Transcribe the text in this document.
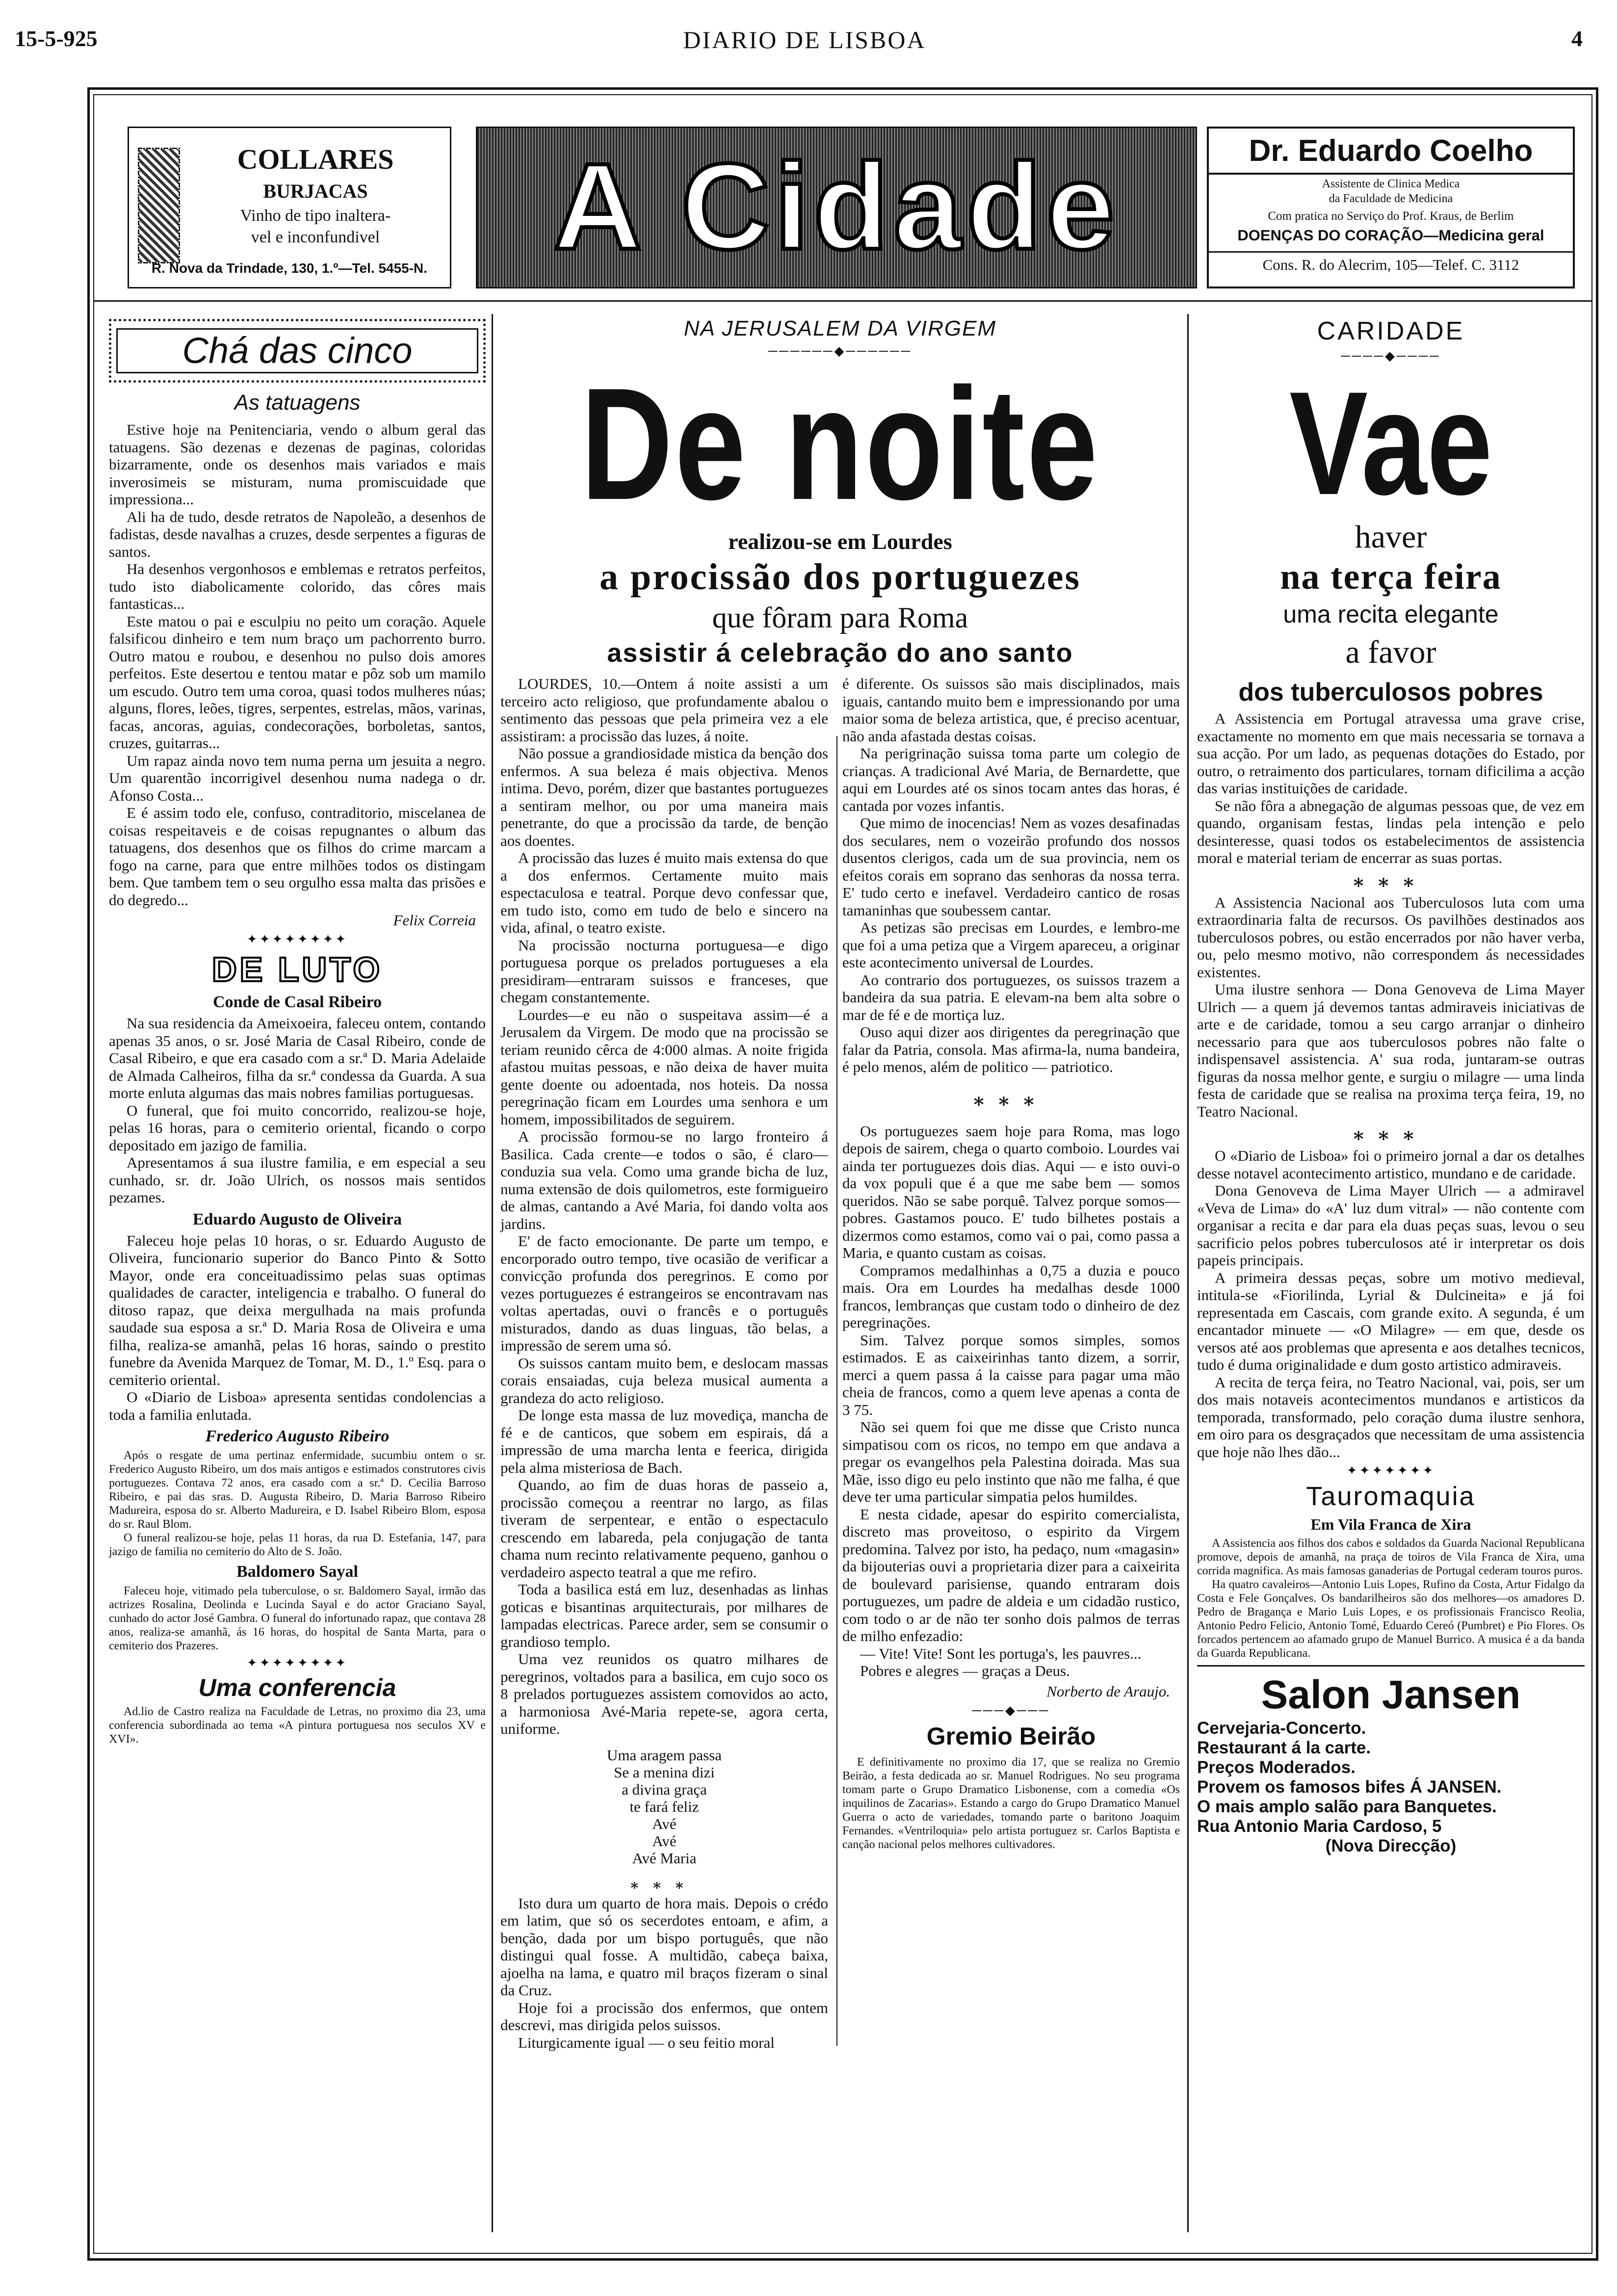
15-5-925	DIARIO DE LISBOA	4
COLLARES
BURJACAS
Vinho de tipo inaltera-
vel e inconfundivel
R. Nova da Trindade, 130, 1.º—Tel. 5455-N.	A Cidade	Dr. Eduardo Coelho
Assistente de Clinica Medica
da Faculdade de Medicina
Com pratica no Serviço do Prof. Kraus, de Berlim
DOENÇAS DO CORAÇÃO—Medicina geral
Cons. R. do Alecrim, 105—Telef. C. 3112
Chá das cinco
As tatuagens

Estive hoje na Penitenciaria, vendo o album geral das tatuagens. São dezenas e dezenas de paginas, coloridas bizarramente, onde os desenhos mais variados e mais inverosimeis se misturam, numa promiscuidade que impressiona...

Ali ha de tudo, desde retratos de Napoleão, a desenhos de fadistas, desde navalhas a cruzes, desde serpentes a figuras de santos.

Ha desenhos vergonhosos e emblemas e retratos perfeitos, tudo isto diabolicamente colorido, das côres mais fantasticas...

Este matou o pai e esculpiu no peito um coração. Aquele falsificou dinheiro e tem num braço um pachorrento burro. Outro matou e roubou, e desenhou no pulso dois amores perfeitos. Este desertou e tentou matar e pôz sob um mamilo um escudo. Outro tem uma coroa, quasi todos mulheres núas; alguns, flores, leões, tigres, serpentes, estrelas, mãos, varinas, facas, ancoras, aguias, condecorações, borboletas, santos, cruzes, guitarras...

Um rapaz ainda novo tem numa perna um jesuita a negro. Um quarentão incorrigivel desenhou numa nadega o dr. Afonso Costa...

E é assim todo ele, confuso, contraditorio, miscelanea de coisas respeitaveis e de coisas repugnantes o album das tatuagens, dos desenhos que os filhos do crime marcam a fogo na carne, para que entre milhões todos os distingam bem. Que tambem tem o seu orgulho essa malta das prisões e do degredo...

Felix Correia
✦✦✦✦✦✦✦✦
DE LUTO
Conde de Casal Ribeiro

Na sua residencia da Ameixoeira, faleceu ontem, contando apenas 35 anos, o sr. José Maria de Casal Ribeiro, conde de Casal Ribeiro, e que era casado com a sr.ª D. Maria Adelaide de Almada Calheiros, filha da sr.ª condessa da Guarda. A sua morte enluta algumas das mais nobres familias portuguesas.

O funeral, que foi muito concorrido, realizou-se hoje, pelas 16 horas, para o cemiterio oriental, ficando o corpo depositado em jazigo de familia.

Apresentamos á sua ilustre familia, e em especial a seu cunhado, sr. dr. João Ulrich, os nossos mais sentidos pezames.

Eduardo Augusto de Oliveira

Faleceu hoje pelas 10 horas, o sr. Eduardo Augusto de Oliveira, funcionario superior do Banco Pinto & Sotto Mayor, onde era conceituadissimo pelas suas optimas qualidades de caracter, inteligencia e trabalho. O funeral do ditoso rapaz, que deixa mergulhada na mais profunda saudade sua esposa a sr.ª D. Maria Rosa de Oliveira e uma filha, realiza-se amanhã, pelas 16 horas, saindo o prestito funebre da Avenida Marquez de Tomar, M. D., 1.º Esq. para o cemiterio oriental.

O «Diario de Lisboa» apresenta sentidas condolencias a toda a familia enlutada.

Frederico Augusto Ribeiro

Após o resgate de uma pertinaz enfermidade, sucumbiu ontem o sr. Frederico Augusto Ribeiro, um dos mais antigos e estimados construtores civis portuguezes. Contava 72 anos, era casado com a sr.ª D. Cecilia Barroso Ribeiro, e pai das sras. D. Augusta Ribeiro, D. Maria Barroso Ribeiro Madureira, esposa do sr. Alberto Madureira, e D. Isabel Ribeiro Blom, esposa do sr. Raul Blom.

O funeral realizou-se hoje, pelas 11 horas, da rua D. Estefania, 147, para jazigo de familia no cemiterio do Alto de S. João.

Baldomero Sayal

Faleceu hoje, vitimado pela tuberculose, o sr. Baldomero Sayal, irmão das actrizes Rosalina, Deolinda e Lucinda Sayal e do actor Graciano Sayal, cunhado do actor José Gambra. O funeral do infortunado rapaz, que contava 28 anos, realiza-se amanhã, ás 16 horas, do hospital de Santa Marta, para o cemiterio dos Prazeres.

✦✦✦✦✦✦✦✦
Uma conferencia

Ad.lio de Castro realiza na Faculdade de Letras, no proximo dia 23, uma conferencia subordinada ao tema «A pintura portuguesa nos seculos XV e XVI».

NA JERUSALEM DA VIRGEM
──────◆──────
De noite
realizou-se em Lourdes
a procissão dos portuguezes
que fôram para Roma
assistir á celebração do ano santo

LOURDES, 10.—Ontem á noite assisti a um terceiro acto religioso, que profundamente abalou o sentimento das pessoas que pela primeira vez a ele assistiram: a procissão das luzes, á noite.

Não possue a grandiosidade mistica da benção dos enfermos. A sua beleza é mais objectiva. Menos intima. Devo, porém, dizer que bastantes portuguezes a sentiram melhor, ou por uma maneira mais penetrante, do que a procissão da tarde, de benção aos doentes.

A procissão das luzes é muito mais extensa do que a dos enfermos. Certamente muito mais espectaculosa e teatral. Porque devo confessar que, em tudo isto, como em tudo de belo e sincero na vida, afinal, o teatro existe.

Na procissão nocturna portuguesa—e digo portuguesa porque os prelados portugueses a ela presidiram—entraram suissos e franceses, que chegam constantemente.

Lourdes—e eu não o suspeitava assim—é a Jerusalem da Virgem. De modo que na procissão se teriam reunido cêrca de 4:000 almas. A noite frigida afastou muitas pessoas, e não deixa de haver muita gente doente ou adoentada, nos hoteis. Da nossa peregrinação ficam em Lourdes uma senhora e um homem, impossibilitados de seguirem.

A procissão formou-se no largo fronteiro á Basilica. Cada crente—e todos o são, é claro—conduzia sua vela. Como uma grande bicha de luz, numa extensão de dois quilometros, este formigueiro de almas, cantando a Avé Maria, foi dando volta aos jardins.

E' de facto emocionante. De parte um tempo, e encorporado outro tempo, tive ocasião de verificar a convicção profunda dos peregrinos. E como por vezes portuguezes é estrangeiros se encontravam nas voltas apertadas, ouvi o francês e o português misturados, dando as duas linguas, tão belas, a impressão de serem uma só.

Os suissos cantam muito bem, e deslocam massas corais ensaiadas, cuja beleza musical aumenta a grandeza do acto religioso.

De longe esta massa de luz movediça, mancha de fé e de canticos, que sobem em espirais, dá a impressão de uma marcha lenta e feerica, dirigida pela alma misteriosa de Bach.

Quando, ao fim de duas horas de passeio a, procissão começou a reentrar no largo, as filas tiveram de serpentear, e então o espectaculo crescendo em labareda, pela conjugação de tanta chama num recinto relativamente pequeno, ganhou o verdadeiro aspecto teatral a que me refiro.

Toda a basilica está em luz, desenhadas as linhas goticas e bisantinas arquitecturais, por milhares de lampadas electricas. Parece arder, sem se consumir o grandioso templo.

Uma vez reunidos os quatro milhares de peregrinos, voltados para a basilica, em cujo soco os 8 prelados portuguezes assistem comovidos ao acto, a harmoniosa Avé-Maria repete-se, agora certa, uniforme.

Uma aragem passa
Se a menina dizi
a divina graça
te fará feliz
Avé
Avé
Avé Maria
⁎⁎⁎

Isto dura um quarto de hora mais. Depois o crédo em latim, que só os secerdotes entoam, e afim, a benção, dada por um bispo português, que não distingui qual fosse. A multidão, cabeça baixa, ajoelha na lama, e quatro mil braços fizeram o sinal da Cruz.

Hoje foi a procissão dos enfermos, que ontem descrevi, mas dirigida pelos suissos.

Liturgicamente igual — o seu feitio moral

é diferente. Os suissos são mais disciplinados, mais iguais, cantando muito bem e impressionando por uma maior soma de beleza artistica, que, é preciso acentuar, não anda afastada destas coisas.

Na perigrinação suissa toma parte um colegio de crianças. A tradicional Avé Maria, de Bernardette, que aqui em Lourdes até os sinos tocam antes das horas, é cantada por vozes infantis.

Que mimo de inocencias! Nem as vozes desafinadas dos seculares, nem o vozeirão profundo dos nossos dusentos clerigos, cada um de sua provincia, nem os efeitos corais em soprano das senhoras da nossa terra. E' tudo certo e inefavel. Verdadeiro cantico de rosas tamaninhas que soubessem cantar.

As petizas são precisas em Lourdes, e lembro-me que foi a uma petiza que a Virgem apareceu, a originar este acontecimento universal de Lourdes.

Ao contrario dos portuguezes, os suissos trazem a bandeira da sua patria. E elevam-na bem alta sobre o mar de fé e de mortiça luz.

Ouso aqui dizer aos dirigentes da peregrinação que falar da Patria, consola. Mas afirma-la, numa bandeira, é pelo menos, além de politico — patriotico.

⁎⁎⁎

Os portuguezes saem hoje para Roma, mas logo depois de sairem, chega o quarto comboio. Lourdes vai ainda ter portuguezes dois dias. Aqui — e isto ouvi-o da vox populi que é a que me sabe bem — somos queridos. Não se sabe porquê. Talvez porque somos—pobres. Gastamos pouco. E' tudo bilhetes postais a dizermos como estamos, como vai o pai, como passa a Maria, e quanto custam as coisas.

Compramos medalhinhas a 0,75 a duzia e pouco mais. Ora em Lourdes ha medalhas desde 1000 francos, lembranças que custam todo o dinheiro de dez peregrinações.

Sim. Talvez porque somos simples, somos estimados. E as caixeirinhas tanto dizem, a sorrir, merci a quem passa á la caisse para pagar uma mão cheia de francos, como a quem leve apenas a conta de 3 75.

Não sei quem foi que me disse que Cristo nunca simpatisou com os ricos, no tempo em que andava a pregar os evangelhos pela Palestina doirada. Mas sua Mãe, isso digo eu pelo instinto que não me falha, é que deve ter uma particular simpatia pelos humildes.

E nesta cidade, apesar do espirito comercialista, discreto mas proveitoso, o espirito da Virgem predomina. Talvez por isto, ha pedaço, num «magasin» da bijouterias ouvi a proprietaria dizer para a caixeirita de boulevard parisiense, quando entraram dois portuguezes, um padre de aldeia e um cidadão rustico, com todo o ar de não ter sonho dois palmos de terras de milho enfezadio:

— Vite! Vite! Sont les portuga's, les pauvres...

Pobres e alegres — graças a Deus.

Norberto de Araujo.
───◆───
Gremio Beirão

E definitivamente no proximo dia 17, que se realiza no Gremio Beirão, a festa dedicada ao sr. Manuel Rodrigues. No seu programa tomam parte o Grupo Dramatico Lisbonense, com a comedia «Os inquilinos de Zacarias». Estando a cargo do Grupo Dramatico Manuel Guerra o acto de variedades, tomando parte o baritono Joaquim Fernandes. «Ventriloquia» pelo artista portuguez sr. Carlos Baptista e canção nacional pelos melhores cultivadores.

CARIDADE
────◆────
Vae
haver
na terça feira
uma recita elegante
a favor
dos tuberculosos pobres

A Assistencia em Portugal atravessa uma grave crise, exactamente no momento em que mais necessaria se tornava a sua acção. Por um lado, as pequenas dotações do Estado, por outro, o retraimento dos particulares, tornam dificilima a acção das varias instituições de caridade.

Se não fôra a abnegação de algumas pessoas que, de vez em quando, organisam festas, lindas pela intenção e pelo desinteresse, quasi todos os estabelecimentos de assistencia moral e material teriam de encerrar as suas portas.

⁎⁎⁎

A Assistencia Nacional aos Tuberculosos luta com uma extraordinaria falta de recursos. Os pavilhões destinados aos tuberculosos pobres, ou estão encerrados por não haver verba, ou, pelo mesmo motivo, não correspondem ás necessidades existentes.

Uma ilustre senhora — Dona Genoveva de Lima Mayer Ulrich — a quem já devemos tantas admiraveis iniciativas de arte e de caridade, tomou a seu cargo arranjar o dinheiro necessario para que aos tuberculosos pobres não falte o indispensavel assistencia. A' sua roda, juntaram-se outras figuras da nossa melhor gente, e surgiu o milagre — uma linda festa de caridade que se realisa na proxima terça feira, 19, no Teatro Nacional.

⁎⁎⁎

O «Diario de Lisboa» foi o primeiro jornal a dar os detalhes desse notavel acontecimento artistico, mundano e de caridade.

Dona Genoveva de Lima Mayer Ulrich — a admiravel «Veva de Lima» do «A' luz dum vitral» — não contente com organisar a recita e dar para ela duas peças suas, levou o seu sacrificio pelos pobres tuberculosos até ir interpretar os dois papeis principais.

A primeira dessas peças, sobre um motivo medieval, intitula-se «Fiorilinda, Lyrial & Dulcineita» e já foi representada em Cascais, com grande exito. A segunda, é um encantador minuete — «O Milagre» — em que, desde os versos até aos problemas que apresenta e aos detalhes tecnicos, tudo é duma originalidade e dum gosto artistico admiraveis.

A recita de terça feira, no Teatro Nacional, vai, pois, ser um dos mais notaveis acontecimentos mundanos e artisticos da temporada, transformado, pelo coração duma ilustre senhora, em oiro para os desgraçados que necessitam de uma assistencia que hoje não lhes dão...

✦✦✦✦✦✦✦
Tauromaquia
Em Vila Franca de Xira

A Assistencia aos filhos dos cabos e soldados da Guarda Nacional Republicana promove, depois de amanhã, na praça de toiros de Vila Franca de Xira, uma corrida magnifica. As mais famosas ganaderias de Portugal cederam touros puros.

Ha quatro cavaleiros—Antonio Luis Lopes, Rufino da Costa, Artur Fidalgo da Costa e Fele Gonçalves. Os bandarilheiros são dos melhores—os amadores D. Pedro de Bragança e Mario Luis Lopes, e os profissionais Francisco Reolia, Antonio Pedro Felicio, Antonio Tomé, Eduardo Cereó (Pumbret) e Pio Flores. Os forcados pertencem ao afamado grupo de Manuel Burrico. A musica é a da banda da Guarda Republicana.

Salon Jansen
Cervejaria-Concerto.
Restaurant á la carte.
Preços Moderados.
Provem os famosos bifes Á JANSEN.
O mais amplo salão para Banquetes.
Rua Antonio Maria Cardoso, 5
(Nova Direcção)
